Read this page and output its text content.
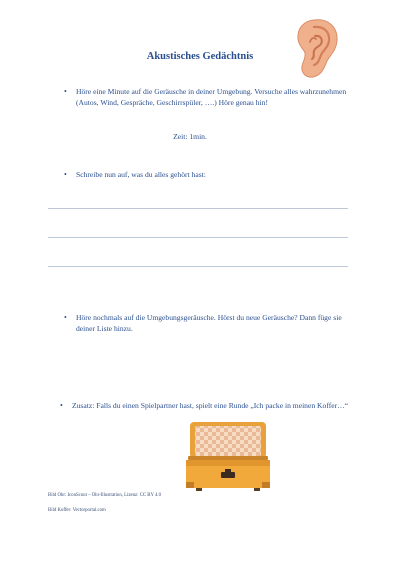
Akustisches Gedächtnis
• Höre eine Minute auf die Geräusche in deiner Umgebung. Versuche alles wahrzunehmen (Autos, Wind, Gespräche, Geschirrspüler, ….) Höre genau hin!
Zeit: 1min.
• Schreibe nun auf, was du alles gehört hast:
• Höre nochmals auf die Umgebungsgeräusche. Hörst du neue Geräusche? Dann füge sie deiner Liste hinzu.
• Zusatz: Falls du einen Spielpartner hast, spielt eine Runde „Ich packe in meinen Koffer…“
Bild Ohr: IconScout – Ohr-Illustration, Lizenz: CC BY 4.0
Bild Koffer: Vectorportal.com
